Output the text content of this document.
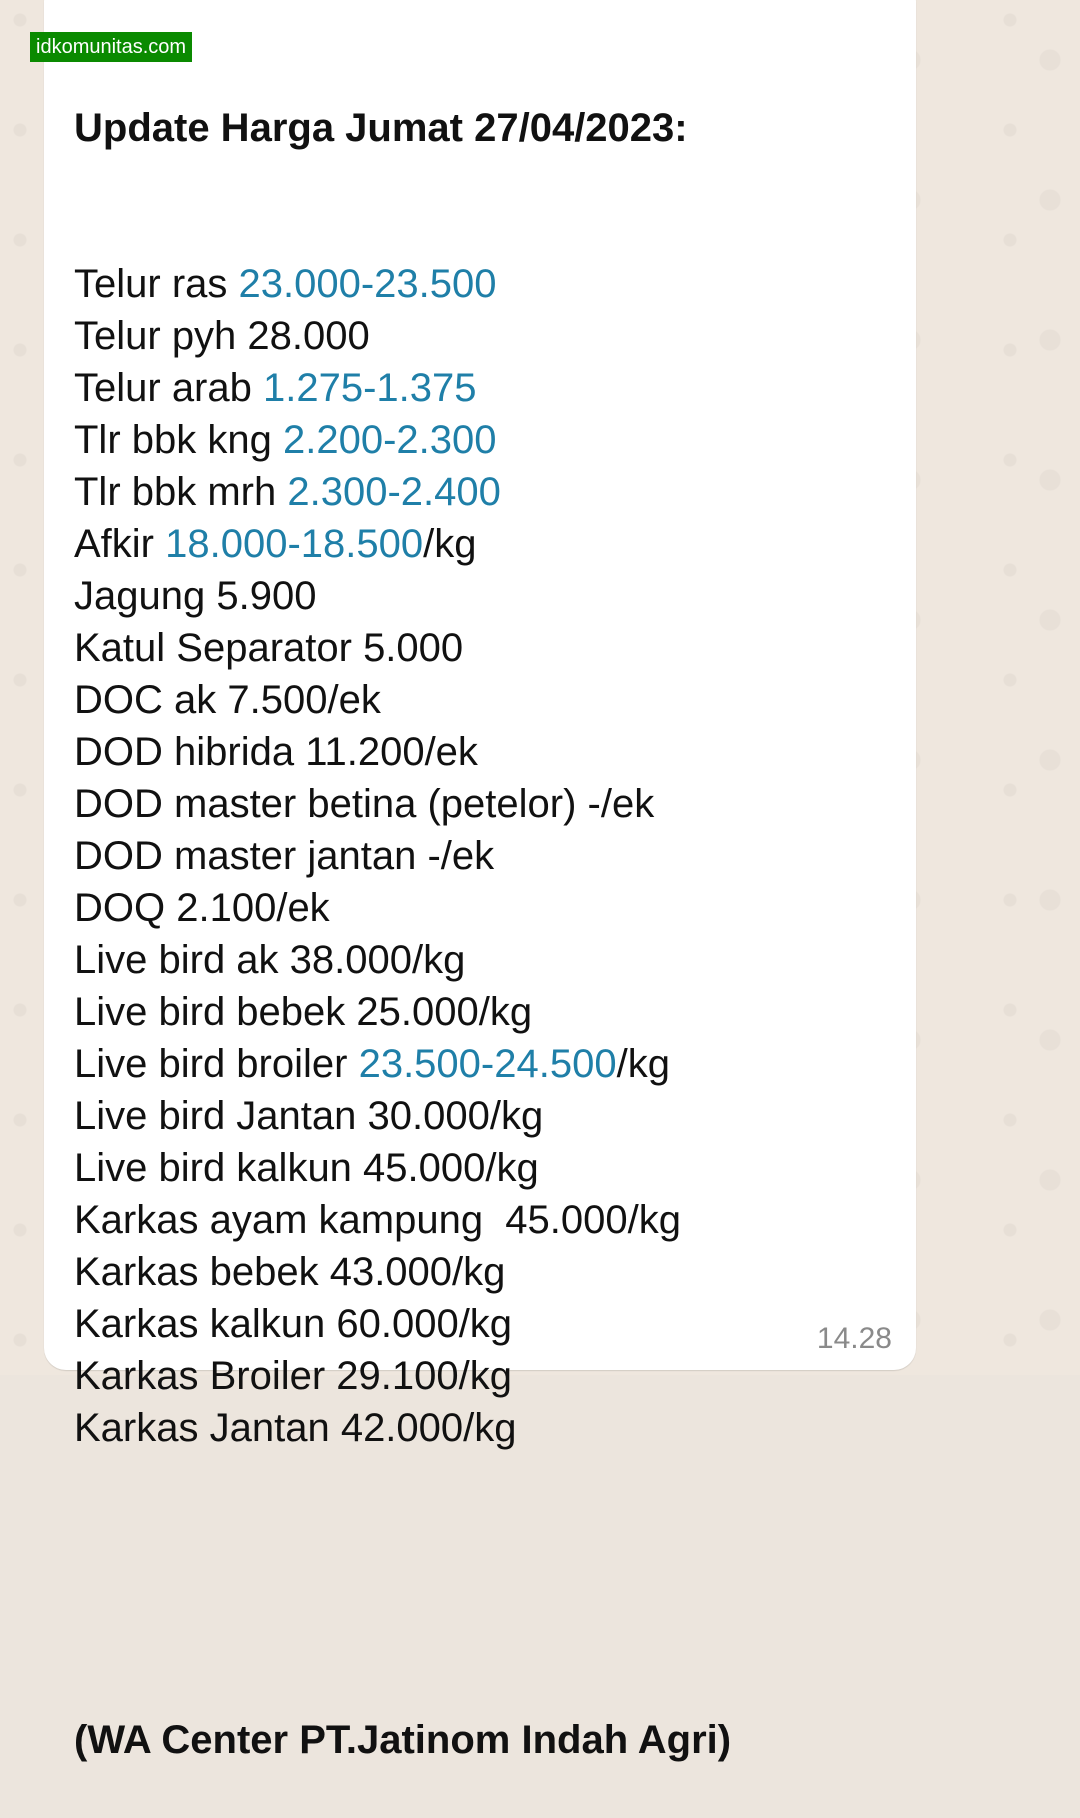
Update Harga Jumat 27/04/2023:

Telur ras 23.000-23.500
Telur pyh 28.000
Telur arab 1.275-1.375
Tlr bbk kng 2.200-2.300
Tlr bbk mrh 2.300-2.400
Afkir 18.000-18.500/kg
Jagung 5.900
Katul Separator 5.000
DOC ak 7.500/ek
DOD hibrida 11.200/ek
DOD master betina (petelor) -/ek
DOD master jantan -/ek
DOQ 2.100/ek
Live bird ak 38.000/kg
Live bird bebek 25.000/kg
Live bird broiler 23.500-24.500/kg
Live bird Jantan 30.000/kg
Live bird kalkun 45.000/kg
Karkas ayam kampung  45.000/kg
Karkas bebek 43.000/kg
Karkas kalkun 60.000/kg
Karkas Broiler 29.100/kg
Karkas Jantan 42.000/kg

(WA Center PT.Jatinom Indah Agri)

14.28
idkomunitas.com
